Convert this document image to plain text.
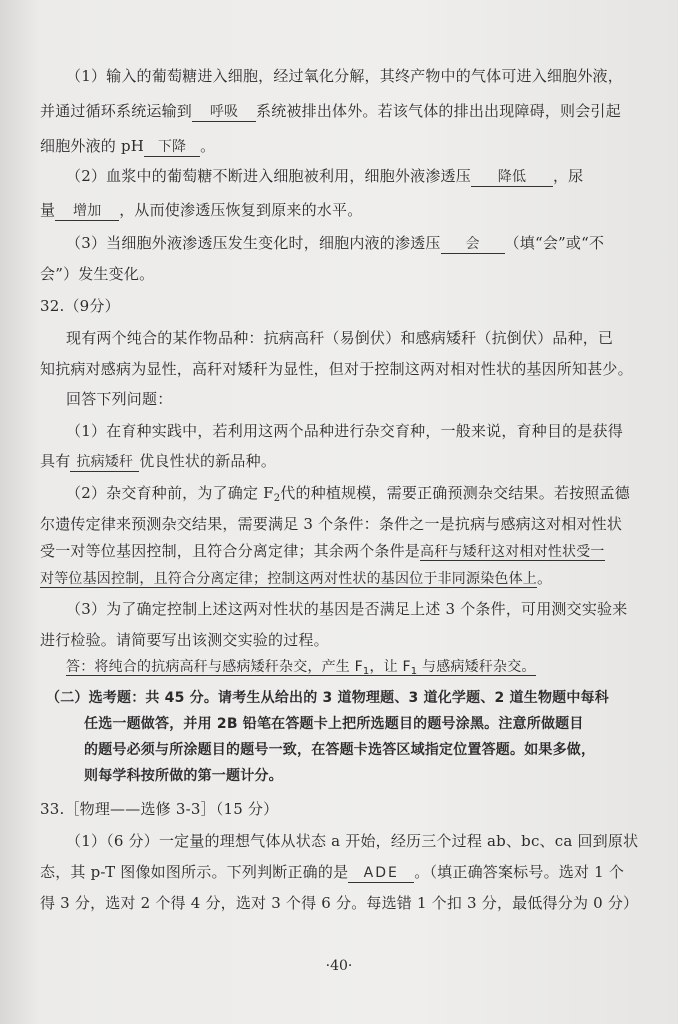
（1）输入的葡萄糖进入细胞，经过氧化分解，其终产物中的气体可进入细胞外液，
并通过循环系统运输到 呼吸 系统被排出体外。若该气体的排出出现障碍，则会引起
细胞外液的 pH 下降 。
（2）血浆中的葡萄糖不断进入细胞被利用，细胞外液渗透压 降低 ，尿
量 增加 ，从而使渗透压恢复到原来的水平。
（3）当细胞外液渗透压发生变化时，细胞内液的渗透压 会 （填“会”或“不
会”）发生变化。
32.（9分）
现有两个纯合的某作物品种：抗病高秆（易倒伏）和感病矮秆（抗倒伏）品种，已
知抗病对感病为显性，高秆对矮秆为显性，但对于控制这两对相对性状的基因所知甚少。
回答下列问题：
（1）在育种实践中，若利用这两个品种进行杂交育种，一般来说，育种目的是获得
具有 抗病矮秆 优良性状的新品种。
（2）杂交育种前，为了确定 $F_2$代的种植规模，需要正确预测杂交结果。若按照孟德
尔遗传定律来预测杂交结果，需要满足 3 个条件：条件之一是抗病与感病这对相对性状
受一对等位基因控制，且符合分离定律；其余两个条件是高秆与矮秆这对相对性状受一
对等位基因控制，且符合分离定律；控制这两对性状的基因位于非同源染色体上。
（3）为了确定控制上述这两对性状的基因是否满足上述 3 个条件，可用测交实验来
进行检验。请简要写出该测交实验的过程。
答：将纯合的抗病高秆与感病矮秆杂交，产生 $F_1$，让 $F_1$ 与感病矮秆杂交。
（二）选考题：共 45 分。请考生从给出的 3 道物理题、3 道化学题、2 道生物题中每科
任选一题做答，并用 2B 铅笔在答题卡上把所选题目的题号涂黑。注意所做题目
的题号必须与所涂题目的题号一致，在答题卡选答区域指定位置答题。如果多做，
则每学科按所做的第一题计分。
33.［物理——选修 3-3］（15 分）
（1）（6 分）一定量的理想气体从状态 a 开始，经历三个过程 ab、bc、ca 回到原状
态，其 p-T 图像如图所示。下列判断正确的是 ADE 。（填正确答案标号。选对 1 个
得 3 分，选对 2 个得 4 分，选对 3 个得 6 分。每选错 1 个扣 3 分，最低得分为 0 分）
·40·
